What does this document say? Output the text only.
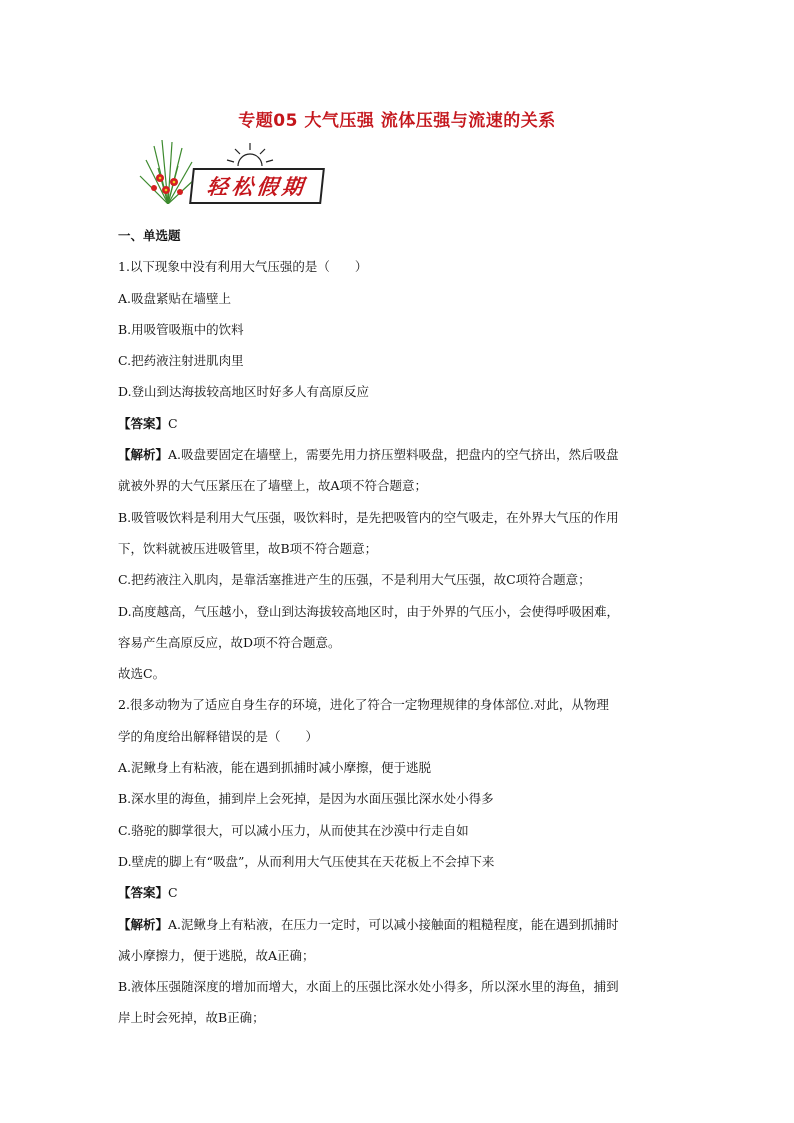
专题05 大气压强 流体压强与流速的关系
轻松假期

一、单选题

1.以下现象中没有利用大气压强的是（　　）

A.吸盘紧贴在墙壁上

B.用吸管吸瓶中的饮料

C.把药液注射进肌肉里

D.登山到达海拔较高地区时好多人有高原反应

【答案】C

【解析】A.吸盘要固定在墙壁上，需要先用力挤压塑料吸盘，把盘内的空气挤出，然后吸盘

就被外界的大气压紧压在了墙壁上，故A项不符合题意；

B.吸管吸饮料是利用大气压强，吸饮料时，是先把吸管内的空气吸走，在外界大气压的作用

下，饮料就被压进吸管里，故B项不符合题意；

C.把药液注入肌肉，是靠活塞推进产生的压强，不是利用大气压强，故C项符合题意；

D.高度越高，气压越小，登山到达海拔较高地区时，由于外界的气压小，会使得呼吸困难，

容易产生高原反应，故D项不符合题意。

故选C。

2.很多动物为了适应自身生存的环境，进化了符合一定物理规律的身体部位.对此，从物理

学的角度给出解释错误的是（　　）

A.泥鳅身上有粘液，能在遇到抓捕时减小摩擦，便于逃脱

B.深水里的海鱼，捕到岸上会死掉，是因为水面压强比深水处小得多

C.骆驼的脚掌很大，可以减小压力，从而使其在沙漠中行走自如

D.壁虎的脚上有“吸盘”，从而利用大气压使其在天花板上不会掉下来

【答案】C

【解析】A.泥鳅身上有粘液，在压力一定时，可以减小接触面的粗糙程度，能在遇到抓捕时

减小摩擦力，便于逃脱，故A正确；

B.液体压强随深度的增加而增大，水面上的压强比深水处小得多，所以深水里的海鱼，捕到

岸上时会死掉，故B正确；
